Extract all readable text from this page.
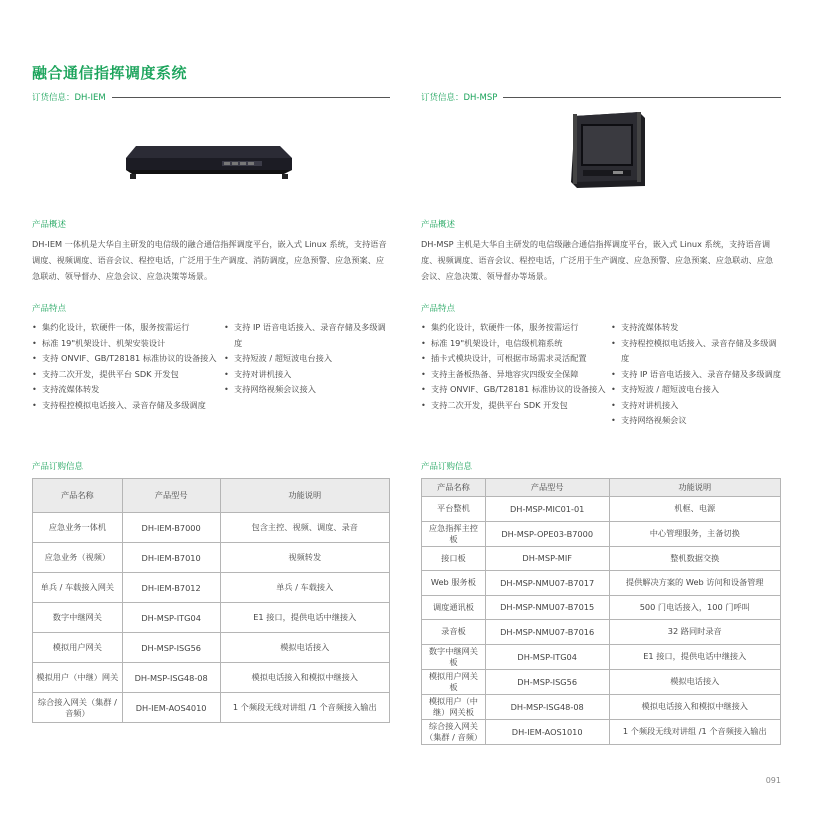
融合通信指挥调度系统
订货信息：DH-IEM
产品概述
DH-IEM 一体机是大华自主研发的电信级的融合通信指挥调度平台，嵌入式 Linux 系统，支持语音调度、视频调度、语音会议、程控电话，广泛用于生产调度、消防调度，应急预警、应急预案、应急联动、领导督办、应急会议、应急决策等场景。
产品特点
• 集约化设计，软硬件一体，服务按需运行
• 标准 19"机架设计、机架安装设计
• 支持 ONVIF、GB/T28181 标准协议的设备接入
• 支持二次开发，提供平台 SDK 开发包
• 支持流媒体转发
• 支持程控模拟电话接入、录音存储及多级调度
• 支持 IP 语音电话接入、录音存储及多级调度
• 支持短波 / 超短波电台接入
• 支持对讲机接入
• 支持网络视频会议接入
产品订购信息
产品名称	产品型号	功能说明
应急业务一体机	DH-IEM-B7000	包含主控、视频、调度、录音
应急业务（视频）	DH-IEM-B7010	视频转发
单兵 / 车载接入网关	DH-IEM-B7012	单兵 / 车载接入
数字中继网关	DH-MSP-ITG04	E1 接口，提供电话中继接入
模拟用户网关	DH-MSP-ISG56	模拟电话接入
模拟用户（中继）网关	DH-MSP-ISG48-08	模拟电话接入和模拟中继接入
综合接入网关（集群 / 音频）	DH-IEM-AOS4010	1 个频段无线对讲组 /1 个音频接入输出
订货信息：DH-MSP
产品概述
DH-MSP 主机是大华自主研发的电信级融合通信指挥调度平台，嵌入式 Linux 系统，支持语音调度、视频调度、语音会议、程控电话，广泛用于生产调度、应急预警、应急预案、应急联动、应急会议、应急决策、领导督办等场景。
产品特点
• 集约化设计，软硬件一体，服务按需运行
• 标准 19"机架设计，电信级机箱系统
• 插卡式模块设计，可根据市场需求灵活配置
• 支持主备板热备、异地容灾四级安全保障
• 支持 ONVIF、GB/T28181 标准协议的设备接入
• 支持二次开发，提供平台 SDK 开发包
• 支持流媒体转发
• 支持程控模拟电话接入、录音存储及多级调度
• 支持 IP 语音电话接入、录音存储及多级调度
• 支持短波 / 超短波电台接入
• 支持对讲机接入
• 支持网络视频会议
产品订购信息
产品名称	产品型号	功能说明
平台整机	DH-MSP-MIC01-01	机框、电源
应急指挥主控板	DH-MSP-OPE03-B7000	中心管理服务，主备切换
接口板	DH-MSP-MIF	整机数据交换
Web 服务板	DH-MSP-NMU07-B7017	提供解决方案的 Web 访问和设备管理
调度通讯板	DH-MSP-NMU07-B7015	500 门电话接入，100 门呼叫
录音板	DH-MSP-NMU07-B7016	32 路同时录音
数字中继网关板	DH-MSP-ITG04	E1 接口，提供电话中继接入
模拟用户网关板	DH-MSP-ISG56	模拟电话接入
模拟用户（中继）网关板	DH-MSP-ISG48-08	模拟电话接入和模拟中继接入
综合接入网关（集群 / 音频）	DH-IEM-AOS1010	1 个频段无线对讲组 /1 个音频接入输出
091
